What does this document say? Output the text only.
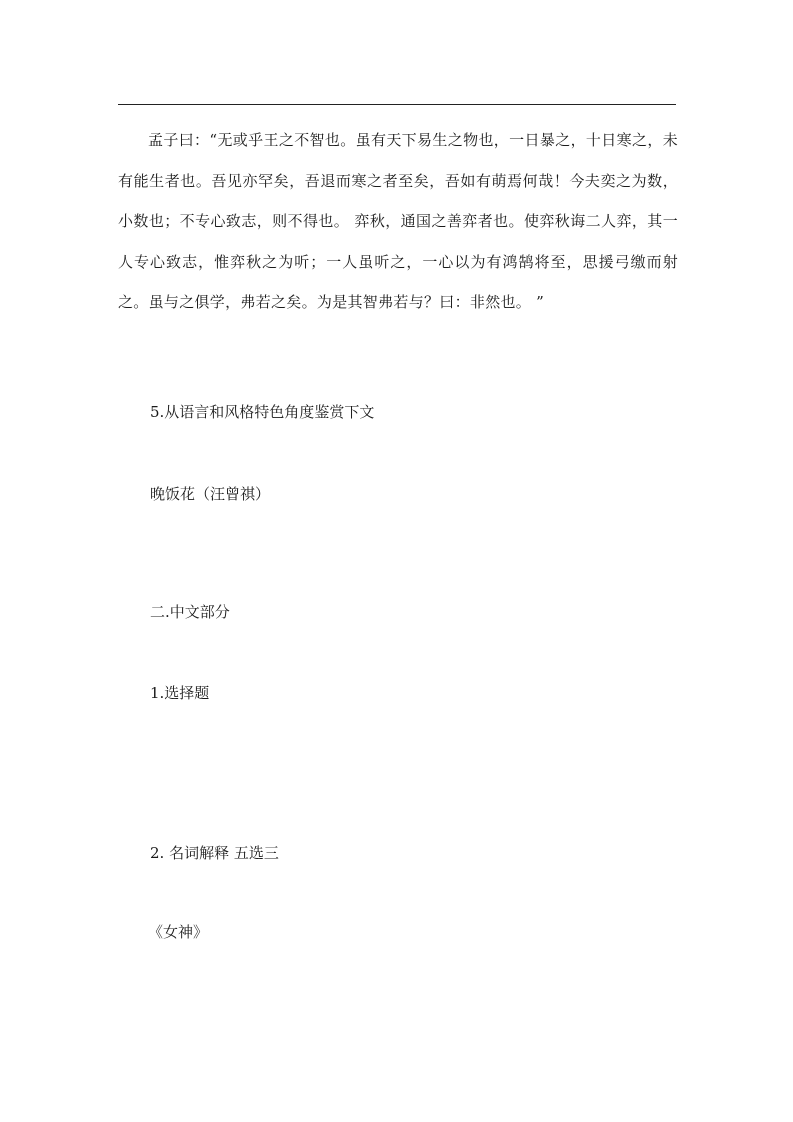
孟子曰：“无或乎王之不智也。虽有天下易生之物也，一日暴之，十日寒之，未有能生者也。吾见亦罕矣，吾退而寒之者至矣，吾如有萌焉何哉！今夫奕之为数，小数也；不专心致志，则不得也。 弈秋，通国之善弈者也。使弈秋诲二人弈，其一人专心致志，惟弈秋之为听；一人虽听之，一心以为有鸿鹄将至，思援弓缴而射之。虽与之俱学，弗若之矣。为是其智弗若与？曰：非然也。 ”

5.从语言和风格特色角度鉴赏下文

晚饭花（汪曾祺）

二.中文部分

1.选择题

2. 名词解释 五选三

《女神》
